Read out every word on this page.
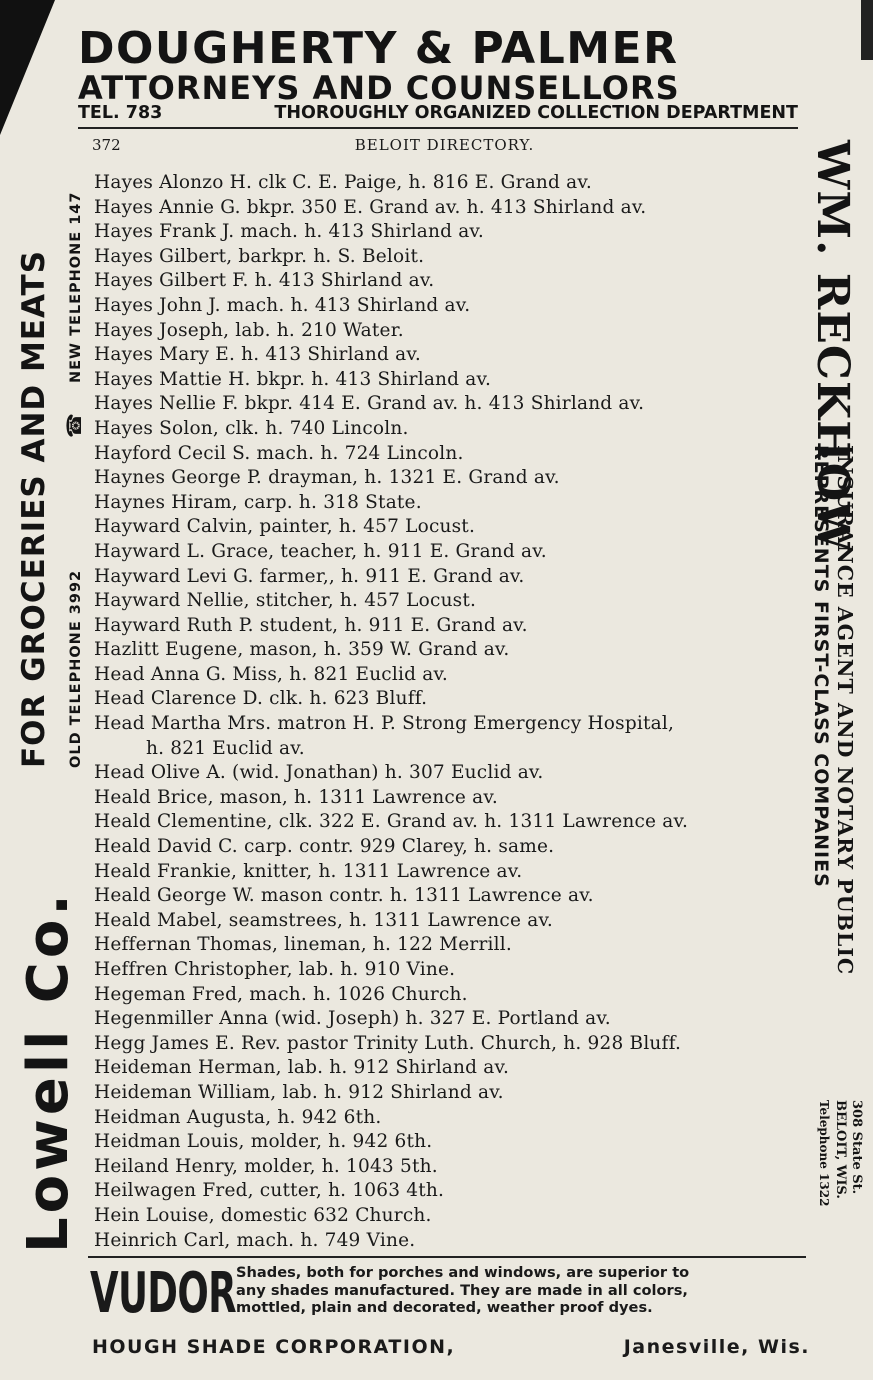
DOUGHERTY & PALMER
ATTORNEYS AND COUNSELLORS
TEL. 783	THOROUGHLY ORGANIZED COLLECTION DEPARTMENT
372	BELOIT DIRECTORY.
Hayes Alonzo H. clk C. E. Paige, h. 816 E. Grand av.
Hayes Annie G. bkpr. 350 E. Grand av. h. 413 Shirland av.
Hayes Frank J. mach. h. 413 Shirland av.
Hayes Gilbert, barkpr. h. S. Beloit.
Hayes Gilbert F. h. 413 Shirland av.
Hayes John J. mach. h. 413 Shirland av.
Hayes Joseph, lab. h. 210 Water.
Hayes Mary E. h. 413 Shirland av.
Hayes Mattie H. bkpr. h. 413 Shirland av.
Hayes Nellie F. bkpr. 414 E. Grand av. h. 413 Shirland av.
Hayes Solon, clk. h. 740 Lincoln.
Hayford Cecil S. mach. h. 724 Lincoln.
Haynes George P. drayman, h. 1321 E. Grand av.
Haynes Hiram, carp. h. 318 State.
Hayward Calvin, painter, h. 457 Locust.
Hayward L. Grace, teacher, h. 911 E. Grand av.
Hayward Levi G. farmer,, h. 911 E. Grand av.
Hayward Nellie, stitcher, h. 457 Locust.
Hayward Ruth P. student, h. 911 E. Grand av.
Hazlitt Eugene, mason, h. 359 W. Grand av.
Head Anna G. Miss, h. 821 Euclid av.
Head Clarence D. clk. h. 623 Bluff.
Head Martha Mrs. matron H. P. Strong Emergency Hospital,
h. 821 Euclid av.
Head Olive A. (wid. Jonathan) h. 307 Euclid av.
Heald Brice, mason, h. 1311 Lawrence av.
Heald Clementine, clk. 322 E. Grand av. h. 1311 Lawrence av.
Heald David C. carp. contr. 929 Clarey, h. same.
Heald Frankie, knitter, h. 1311 Lawrence av.
Heald George W. mason contr. h. 1311 Lawrence av.
Heald Mabel, seamstrees, h. 1311 Lawrence av.
Heffernan Thomas, lineman, h. 122 Merrill.
Heffren Christopher, lab. h. 910 Vine.
Hegeman Fred, mach. h. 1026 Church.
Hegenmiller Anna (wid. Joseph) h. 327 E. Portland av.
Hegg James E. Rev. pastor Trinity Luth. Church, h. 928 Bluff.
Heideman Herman, lab. h. 912 Shirland av.
Heideman William, lab. h. 912 Shirland av.
Heidman Augusta, h. 942 6th.
Heidman Louis, molder, h. 942 6th.
Heiland Henry, molder, h. 1043 5th.
Heilwagen Fred, cutter, h. 1063 4th.
Hein Louise, domestic 632 Church.
Heinrich Carl, mach. h. 749 Vine.
Lowell Co.
FOR GROCERIES AND MEATS OLD TELEPHONE 3992
☎
NEW TELEPHONE 147	WM. RECKHOW
INSURANCE AGENT AND NOTARY PUBLIC
REPRESENTS FIRST-CLASS COMPANIES
308 State St.
BELOIT, WIS.
Telephone 1322
VUDOR Shades, both for porches and windows, are superior to
any shades manufactured. They are made in all colors,
mottled, plain and decorated, weather proof dyes.
HOUGH SHADE CORPORATION,	Janesville, Wis.
